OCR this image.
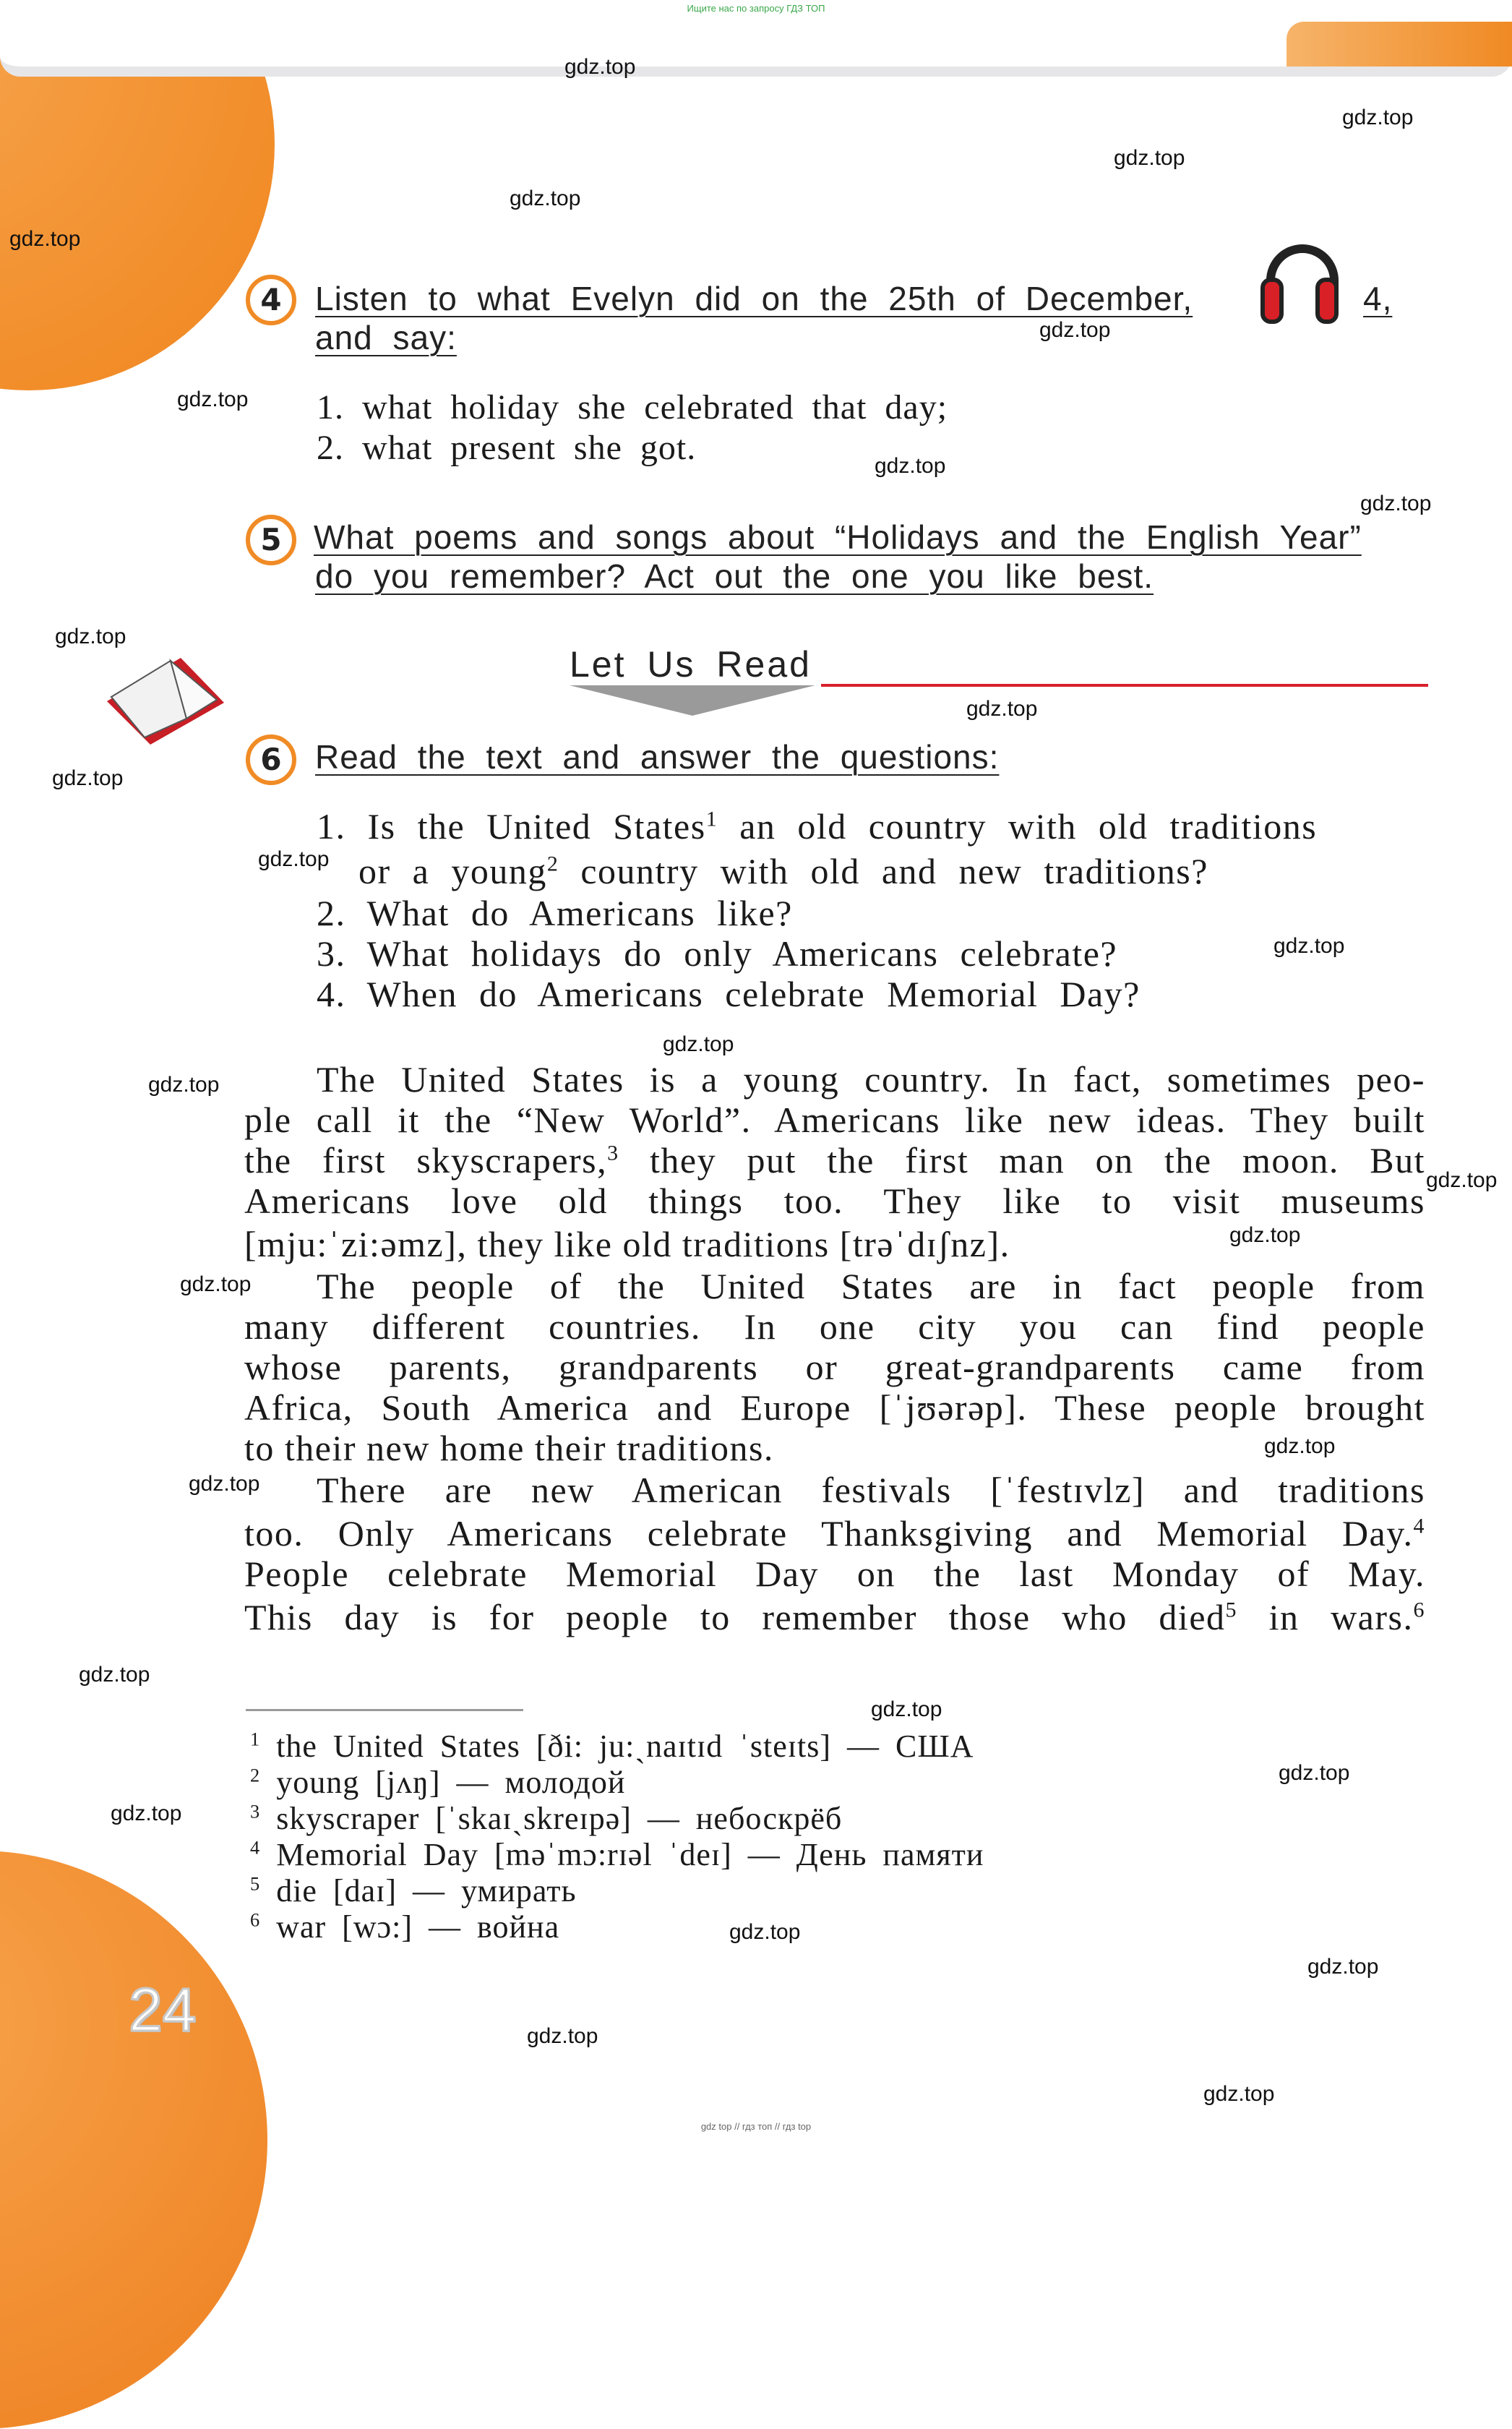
Ищите нас по запросу ГДЗ ТОП
gdz.top
gdz.top
gdz.top
gdz.top
gdz.top
gdz.top
gdz.top
gdz.top
gdz.top
gdz.top
gdz.top
gdz.top
gdz.top
gdz.top
gdz.top
gdz.top
gdz.top
gdz.top
gdz.top
gdz.top
gdz.top
gdz.top
gdz.top
gdz.top
gdz.top
gdz.top
gdz.top
gdz.top
gdz.top
4	Listen to what Evelyn did on the 25th of December,	4,
and say:
1. what holiday she celebrated that day;
2. what present she got.
5 What poems and songs about “Holidays and the English Year”
do you remember? Act out the one you like best.
Let Us Read
6	Read the text and answer the questions:
1. Is the United States$^1$ an old country with old traditions
or a young$^2$ country with old and new traditions?
2. What do Americans like?
3. What holidays do only Americans celebrate?
4. When do Americans celebrate Memorial Day?
The United States is a young country. In fact, sometimes peo-
ple call it the “New World”. Americans like new ideas. They built
the first skyscrapers,$^3$ they put the first man on the moon. But
Americans love old things too. They like to visit museums
[mju:ˈzi:əmz], they like old traditions [trəˈdɪʃnz].
The people of the United States are in fact people from
many different countries. In one city you can find people
whose parents, grandparents or great-grandparents came from
Africa, South America and Europe [ˈjʊərəp]. These people brought
to their new home their traditions.
There are new American festivals [ˈfestɪvlz] and traditions
too. Only Americans celebrate Thanksgiving and Memorial Day.$^4$
People celebrate Memorial Day on the last Monday of May.
This day is for people to remember those who died$^5$ in wars.$^6$
$^1$ the United States [ði: ju:ˏnaɪtɪd ˈsteɪts] — США
$^2$ young [jʌŋ] — молодой
$^3$ skyscraper [ˈskaɪˏskreɪpə] — небоскрёб
$^4$ Memorial Day [məˈmɔ:rɪəl ˈdeɪ] — День памяти
$^5$ die [daɪ] — умирать
$^6$ war [wɔ:] — война
24
gdz top // гдз топ // гдз top
